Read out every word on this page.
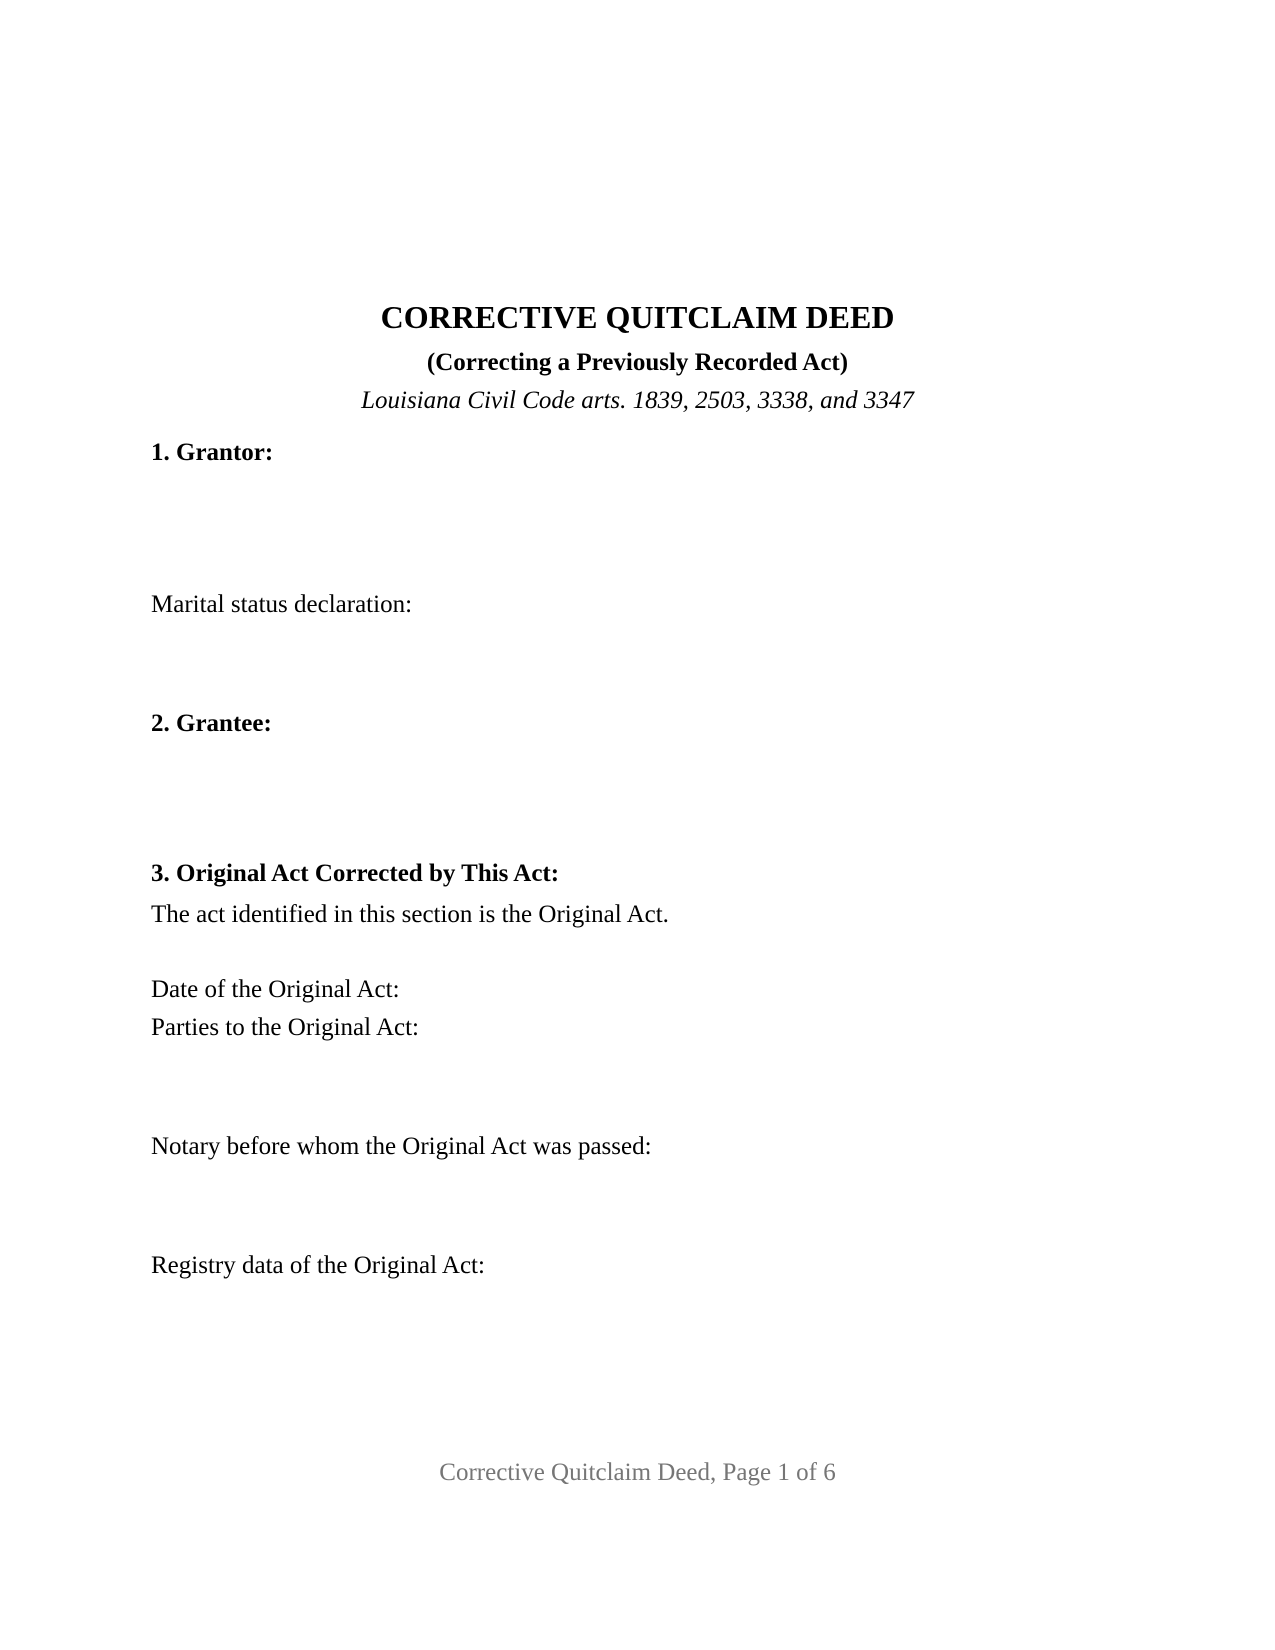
CORRECTIVE QUITCLAIM DEED
(Correcting a Previously Recorded Act)
Louisiana Civil Code arts. 1839, 2503, 3338, and 3347
1. Grantor:
Marital status declaration:
2. Grantee:
3. Original Act Corrected by This Act:
The act identified in this section is the Original Act.
Date of the Original Act:
Parties to the Original Act:
Notary before whom the Original Act was passed:
Registry data of the Original Act:
Corrective Quitclaim Deed, Page 1 of 6
